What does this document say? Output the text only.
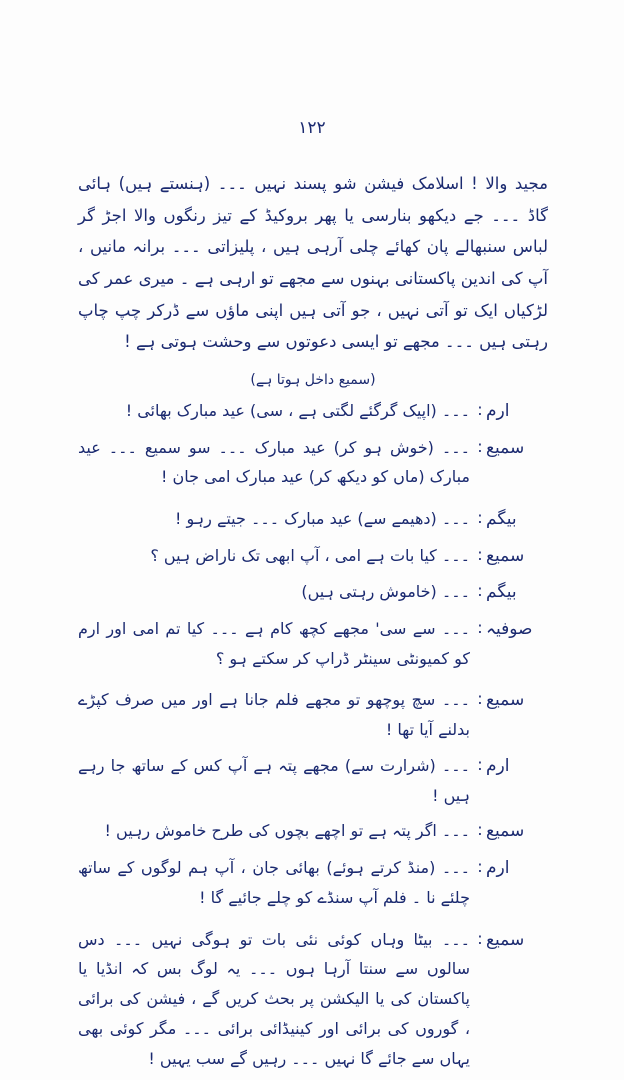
۱۲۲
مجید والا ! اسلامک فیشن شو پسند نہیں ۔۔۔ (ہنستے ہیں) ہائی گاڈ ۔۔۔ جے دیکھو بنارسی یا پھر بروکیڈ کے تیز رنگوں والا اجڑ گر لباس سنبھالے پان کھائے چلی آرہی ہیں ، پلیزاتی ۔۔۔ برانہ مانیں ، آپ کی اندین پاکستانی بہنوں سے مجھے تو ارہی ہے ۔ میری عمر کی لڑکیاں ایک تو آتی نہیں ، جو آتی ہیں اپنی ماؤں سے ڈرکر چپ چاپ رہتی ہیں ۔۔۔ مجھے تو ایسی دعوتوں سے وحشت ہوتی ہے !
(سمیع داخل ہوتا ہے)
ارم
:
۔۔۔ (اپیک گرگئے لگتی ہے ، سی) عید مبارک بھائی !
سمیع
:
۔۔۔ (خوش ہو کر) عید مبارک ۔۔۔ سو سمیع ۔۔۔ عید مبارک (ماں کو دیکھ کر) عید مبارک امی جان !
بیگم
:
۔۔۔ (دھیمے سے) عید مبارک ۔۔۔ جیتے رہو !
سمیع
:
۔۔۔ کیا بات ہے امی ، آپ ابھی تک ناراض ہیں ؟
بیگم
:
۔۔۔ (خاموش رہتی ہیں)
صوفیہ
:
۔۔۔ سے سی' مجھے کچھ کام ہے ۔۔۔ کیا تم امی اور ارم کو کمیونٹی سینٹر ڈراپ کر سکتے ہو ؟
سمیع
:
۔۔۔ سچ پوچھو تو مجھے فلم جانا ہے اور میں صرف کپڑے بدلنے آیا تھا !
ارم
:
۔۔۔ (شرارت سے) مجھے پتہ ہے آپ کس کے ساتھ جا رہے ہیں !
سمیع
:
۔۔۔ اگر پتہ ہے تو اچھے بچوں کی طرح خاموش رہیں !
ارم
:
۔۔۔ (منڈ کرتے ہوئے) بھائی جان ، آپ ہم لوگوں کے ساتھ چلئے نا ۔ فلم آپ سنڈے کو چلے جائیے گا !
سمیع
:
۔۔۔ بیٹا وہاں کوئی نئی بات تو ہوگی نہیں ۔۔۔ دس سالوں سے سنتا آرہا ہوں ۔۔۔ یہ لوگ بس کہ انڈیا یا پاکستان کی یا الیکشن پر بحث کریں گے ، فیشن کی برائی ، گوروں کی برائی اور کینیڈائی برائی ۔۔۔ مگر کوئی بھی یہاں سے جائے گا نہیں ۔۔۔ رہیں گے سب یہیں !
